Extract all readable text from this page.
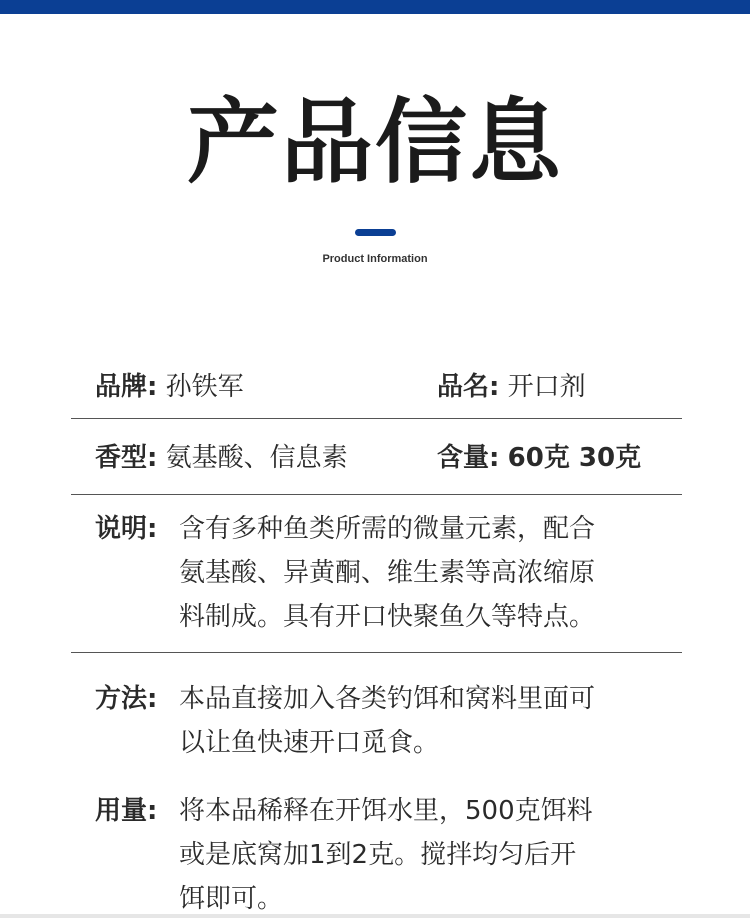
产品信息
Product Information
品牌: 孙铁军	品名: 开口剂
香型: 氨基酸、信息素	含量: 60克 30克
说明: 含有多种鱼类所需的微量元素，配合
氨基酸、异黄酮、维生素等高浓缩原
料制成。具有开口快聚鱼久等特点。
方法: 本品直接加入各类钓饵和窝料里面可
以让鱼快速开口觅食。
用量: 将本品稀释在开饵水里，500克饵料
或是底窝加1到2克。搅拌均匀后开
饵即可。
